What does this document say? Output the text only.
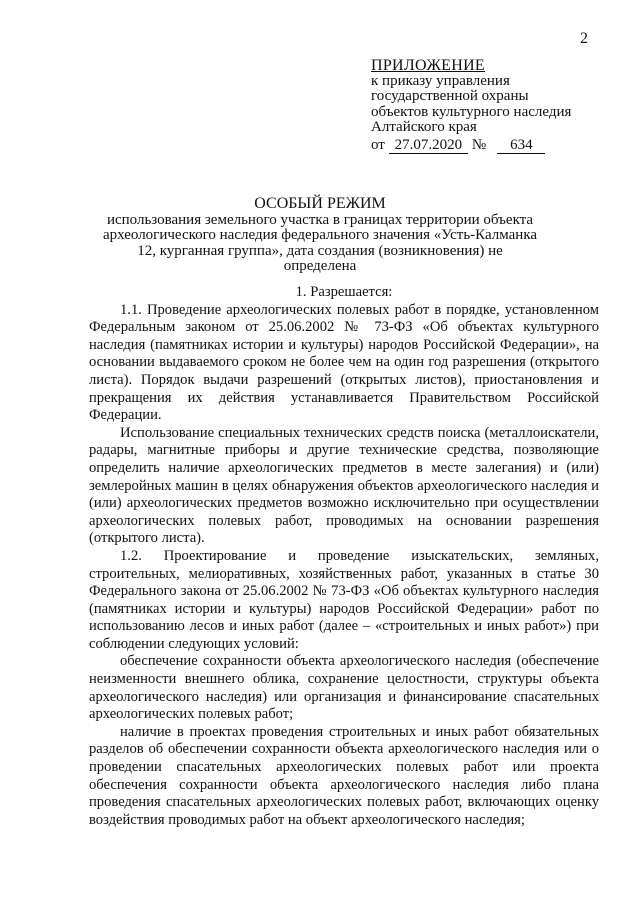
2
ПРИЛОЖЕНИЕ
к приказу управления
государственной охраны
объектов культурного наследия
Алтайского края
от 27.07.2020 № 634
ОСОБЫЙ РЕЖИМ
использования земельного участка в границах территории объекта археологического наследия федерального значения «Усть-Калманка 12, курганная группа», дата создания (возникновения) не определена

1. Разрешается:

1.1. Проведение археологических полевых работ в порядке, установленном Федеральным законом от 25.06.2002 № 73-ФЗ «Об объектах культурного наследия (памятниках истории и культуры) народов Российской Федерации», на основании выдаваемого сроком не более чем на один год разрешения (открытого листа). Порядок выдачи разрешений (открытых листов), приостановления и прекращения их действия устанавливается Правительством Российской Федерации.

Использование специальных технических средств поиска (металлоискатели, радары, магнитные приборы и другие технические средства, позволяющие определить наличие археологических предметов в месте залегания) и (или) землеройных машин в целях обнаружения объектов археологического наследия и (или) археологических предметов возможно исключительно при осуществлении археологических полевых работ, проводимых на основании разрешения (открытого листа).

1.2. Проектирование и проведение изыскательских, земляных, строительных, мелиоративных, хозяйственных работ, указанных в статье 30 Федерального закона от 25.06.2002 № 73-ФЗ «Об объектах культурного наследия (памятниках истории и культуры) народов Российской Федерации» работ по использованию лесов и иных работ (далее – «строительных и иных работ») при соблюдении следующих условий:

обеспечение сохранности объекта археологического наследия (обеспечение неизменности внешнего облика, сохранение целостности, структуры объекта археологического наследия) или организация и финансирование спасательных археологических полевых работ;

наличие в проектах проведения строительных и иных работ обязательных разделов об обеспечении сохранности объекта археологического наследия или о проведении спасательных археологических полевых работ или проекта обеспечения сохранности объекта археологического наследия либо плана проведения спасательных археологических полевых работ, включающих оценку воздействия проводимых работ на объект археологического наследия;
